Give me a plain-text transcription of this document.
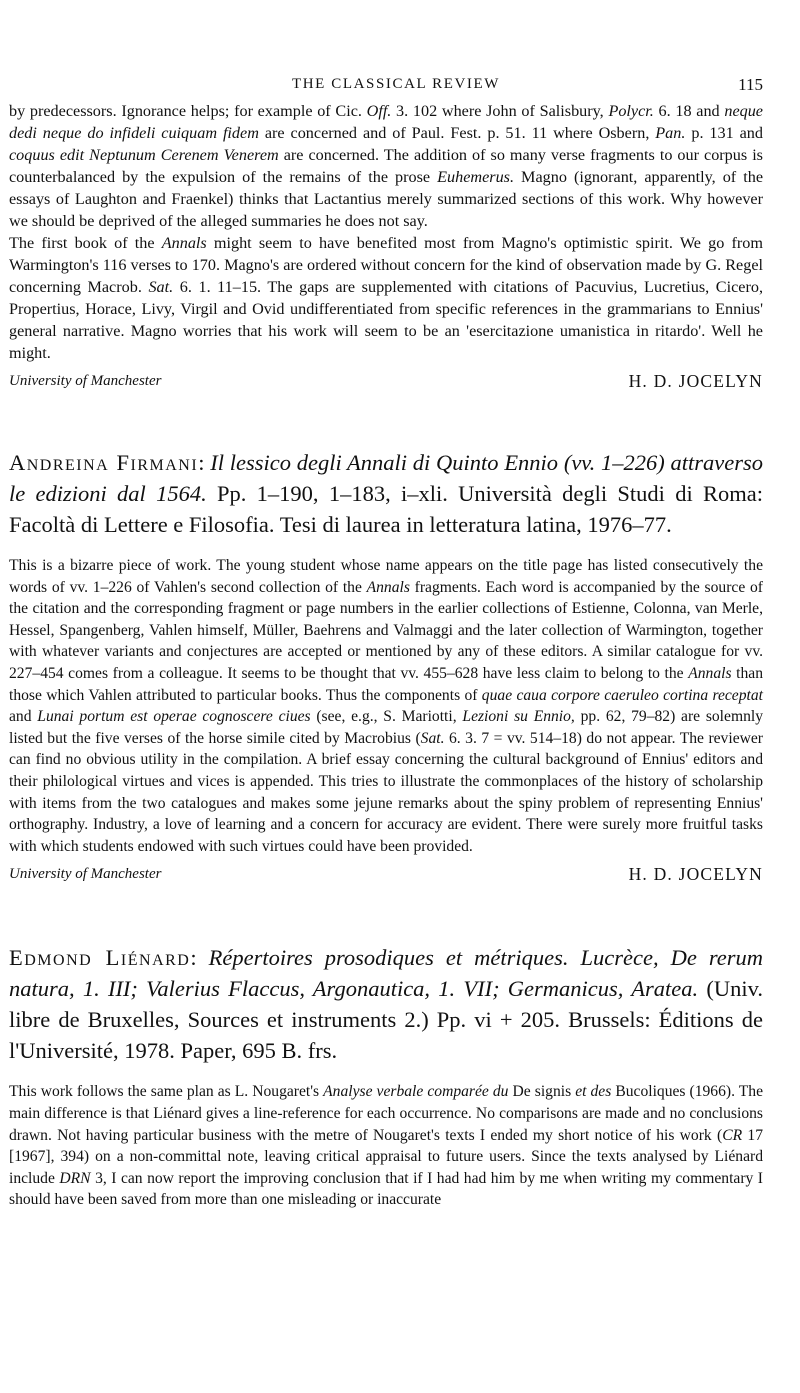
THE CLASSICAL REVIEW	115

by predecessors. Ignorance helps; for example of Cic. Off. 3. 102 where John of Salisbury, Polycr. 6. 18 and neque dedi neque do infideli cuiquam fidem are concerned and of Paul. Fest. p. 51. 11 where Osbern, Pan. p. 131 and coquus edit Neptunum Cerenem Venerem are concerned. The addition of so many verse fragments to our corpus is counterbalanced by the expulsion of the remains of the prose Euhemerus. Magno (ignorant, apparently, of the essays of Laughton and Fraenkel) thinks that Lactantius merely summarized sections of this work. Why however we should be deprived of the alleged summaries he does not say.

The first book of the Annals might seem to have benefited most from Magno's optimistic spirit. We go from Warmington's 116 verses to 170. Magno's are ordered without concern for the kind of observation made by G. Regel concerning Macrob. Sat. 6. 1. 11–15. The gaps are supplemented with citations of Pacuvius, Lucretius, Cicero, Propertius, Horace, Livy, Virgil and Ovid undifferentiated from specific references in the grammarians to Ennius' general narrative. Magno worries that his work will seem to be an 'esercitazione umanistica in ritardo'. Well he might.

University of Manchester	H. D. JOCELYN

Andreina Firmani: Il lessico degli Annali di Quinto Ennio (vv. 1–226) attraverso le edizioni dal 1564. Pp. 1–190, 1–183, i–xli. Università degli Studi di Roma: Facoltà di Lettere e Filosofia. Tesi di laurea in letteratura latina, 1976–77.

This is a bizarre piece of work. The young student whose name appears on the title page has listed consecutively the words of vv. 1–226 of Vahlen's second collection of the Annals fragments. Each word is accompanied by the source of the citation and the corresponding fragment or page numbers in the earlier collections of Estienne, Colonna, van Merle, Hessel, Spangenberg, Vahlen himself, Müller, Baehrens and Valmaggi and the later collection of Warmington, together with whatever variants and conjectures are accepted or mentioned by any of these editors. A similar catalogue for vv. 227–454 comes from a colleague. It seems to be thought that vv. 455–628 have less claim to belong to the Annals than those which Vahlen attributed to particular books. Thus the components of quae caua corpore caeruleo cortina receptat and Lunai portum est operae cognoscere ciues (see, e.g., S. Mariotti, Lezioni su Ennio, pp. 62, 79–82) are solemnly listed but the five verses of the horse simile cited by Macrobius (Sat. 6. 3. 7 = vv. 514–18) do not appear. The reviewer can find no obvious utility in the compilation. A brief essay concerning the cultural background of Ennius' editors and their philological virtues and vices is appended. This tries to illustrate the commonplaces of the history of scholarship with items from the two catalogues and makes some jejune remarks about the spiny problem of representing Ennius' orthography. Industry, a love of learning and a concern for accuracy are evident. There were surely more fruitful tasks with which students endowed with such virtues could have been provided.

University of Manchester	H. D. JOCELYN

Edmond Liénard: Répertoires prosodiques et métriques. Lucrèce, De rerum natura, 1. III; Valerius Flaccus, Argonautica, 1. VII; Germanicus, Aratea. (Univ. libre de Bruxelles, Sources et instruments 2.) Pp. vi + 205. Brussels: Éditions de l'Université, 1978. Paper, 695 B. frs.

This work follows the same plan as L. Nougaret's Analyse verbale comparée du De signis et des Bucoliques (1966). The main difference is that Liénard gives a line-reference for each occurrence. No comparisons are made and no conclusions drawn. Not having particular business with the metre of Nougaret's texts I ended my short notice of his work (CR 17 [1967], 394) on a non-committal note, leaving critical appraisal to future users. Since the texts analysed by Liénard include DRN 3, I can now report the improving conclusion that if I had had him by me when writing my commentary I should have been saved from more than one misleading or inaccurate
